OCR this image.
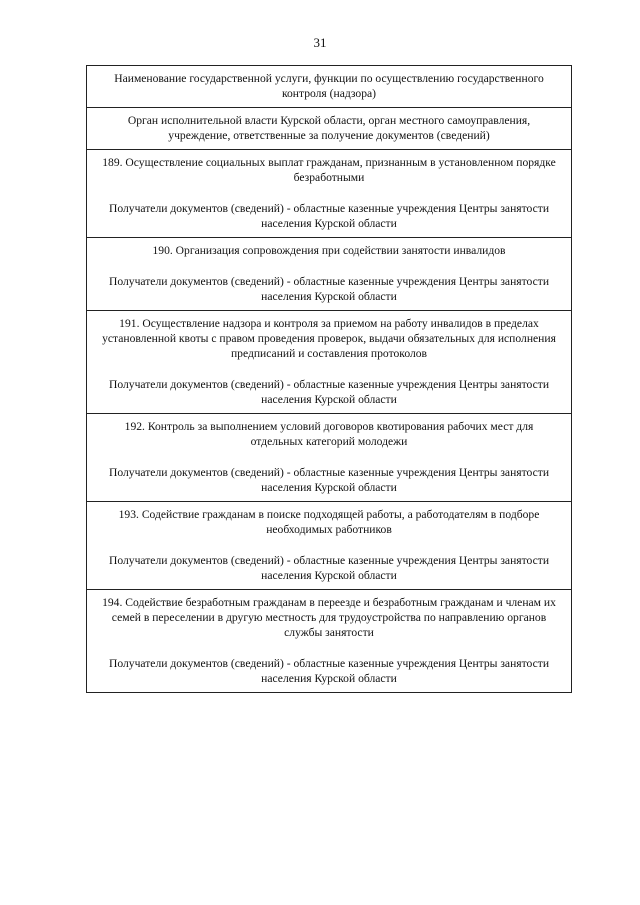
31
Наименование государственной услуги, функции по осуществлению государственного контроля (надзора)
Орган исполнительной власти Курской области, орган местного самоуправления, учреждение, ответственные за получение документов (сведений)
189. Осуществление социальных выплат гражданам, признанным в установленном порядке безработными
Получатели документов (сведений) - областные казенные учреждения Центры занятости населения Курской области
190. Организация сопровождения при содействии занятости инвалидов
Получатели документов (сведений) - областные казенные учреждения Центры занятости населения Курской области
191. Осуществление надзора и контроля за приемом на работу инвалидов в пределах установленной квоты с правом проведения проверок, выдачи обязательных для исполнения предписаний и составления протоколов
Получатели документов (сведений) - областные казенные учреждения Центры занятости населения Курской области
192. Контроль за выполнением условий договоров квотирования рабочих мест для отдельных категорий молодежи
Получатели документов (сведений) - областные казенные учреждения Центры занятости населения Курской области
193. Содействие гражданам в поиске подходящей работы, а работодателям в подборе необходимых работников
Получатели документов (сведений) - областные казенные учреждения Центры занятости населения Курской области
194. Содействие безработным гражданам в переезде и безработным гражданам и членам их семей в переселении в другую местность для трудоустройства по направлению органов службы занятости
Получатели документов (сведений) - областные казенные учреждения Центры занятости населения Курской области
